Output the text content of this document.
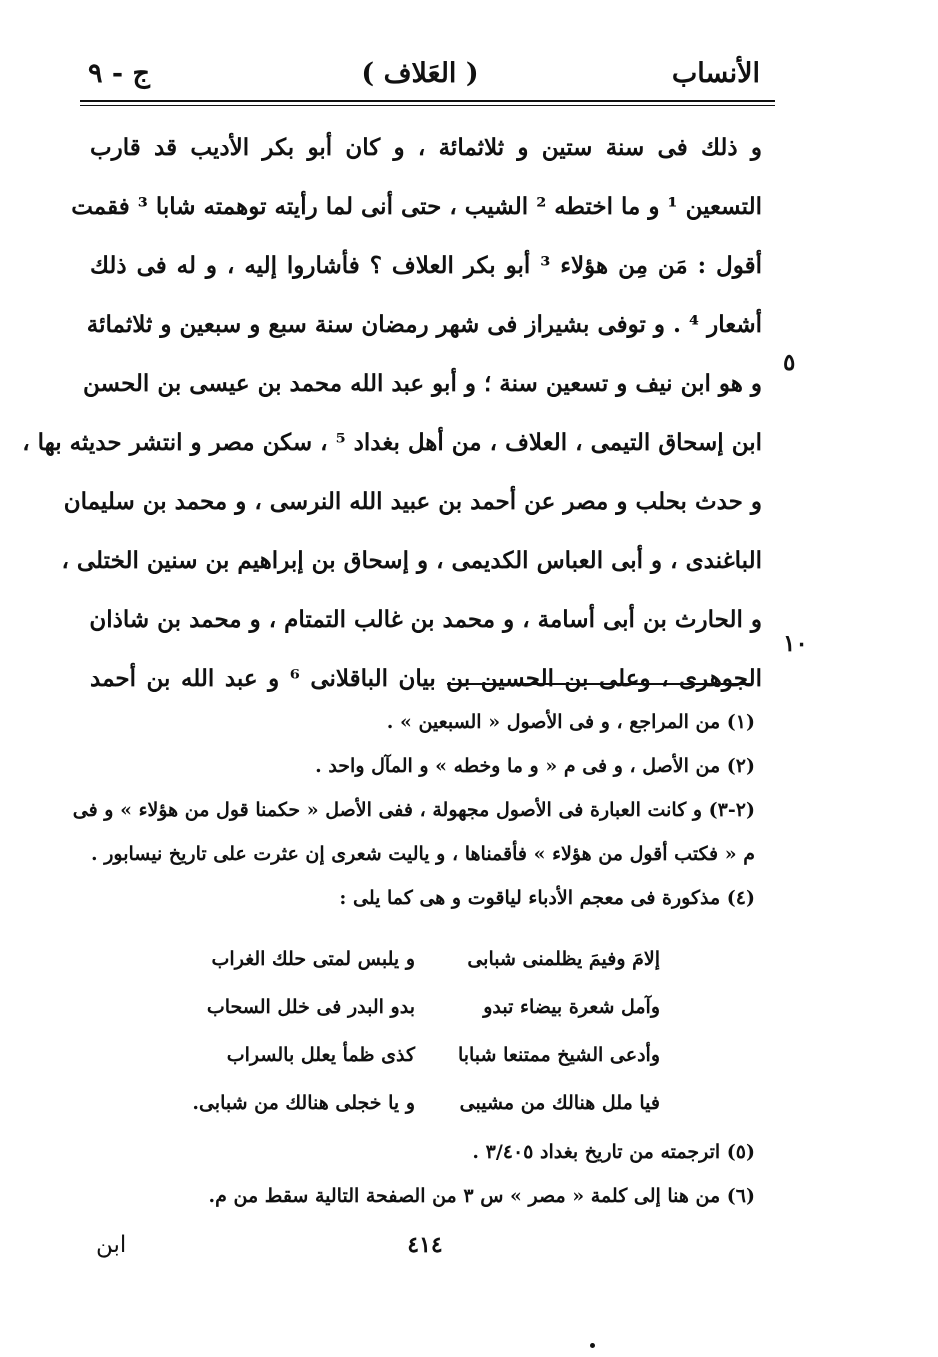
الأنساب
( العَلاف )
ج - ٩
و ذلك فى سنة ستين و ثلاثمائة ، و كان أبو بكر الأديب قد قارب
التسعين ¹ و ما اختطه ² الشيب ، حتى أنى لما رأيته توهمته شابا ³ فقمت
أقول : مَن مِن هؤلاء ³ أبو بكر العلاف ؟ فأشاروا إليه ، و له فى ذلك
أشعار ⁴ . و توفى بشيراز فى شهر رمضان سنة سبع و سبعين و ثلاثمائة
و هو ابن نيف و تسعين سنة ؛ و أبو عبد الله محمد بن عيسى بن الحسن
ابن إسحاق التيمى ، العلاف ، من أهل بغداد ⁵ ، سكن مصر و انتشر حديثه بها ،
و حدث بحلب و مصر عن أحمد بن عبيد الله النرسى ، و محمد بن سليمان
الباغندى ، و أبى العباس الكديمى ، و إسحاق بن إبراهيم بن سنين الختلى ،
و الحارث بن أبى أسامة ، و محمد بن غالب التمتام ، و محمد بن شاذان
الجوهرى ، وعلى بن الحسين بن بيان الباقلانى ⁶ و عبد الله بن أحمد
٥
١٠
(١) من المراجع ، و فى الأصول « السبعين » .
(٢) من الأصل ، و فى م « و ما وخطه » و المآل واحد .
(٢-٣) و كانت العبارة فى الأصول مجهولة ، ففى الأصل « حكمنا قول من هؤلاء » و فى
م « فكتب أقول من هؤلاء » فأقمناها ، و ياليت شعرى إن عثرت على تاريخ نيسابور .
(٤) مذكورة فى معجم الأدباء لياقوت و هى كما يلى :
إلامَ وفيمَ يظلمنى شبابى
و يلبس لمتى حلك الغراب
وآمل شعرة بيضاء تبدو
بدو البدر فى خلل السحاب
وأدعى الشيخ ممتنعا شبابا
كذى ظمأ يعلل بالسراب
فيا ملل هنالك من مشيبى
و يا خجلى هنالك من شبابى.
(٥) اترجمته من تاريخ بغداد ٣/٤٠٥ .
(٦) من هنا إلى كلمة « مصر » س ٣ من الصفحة التالية سقط من م.
٤١٤
ابن
